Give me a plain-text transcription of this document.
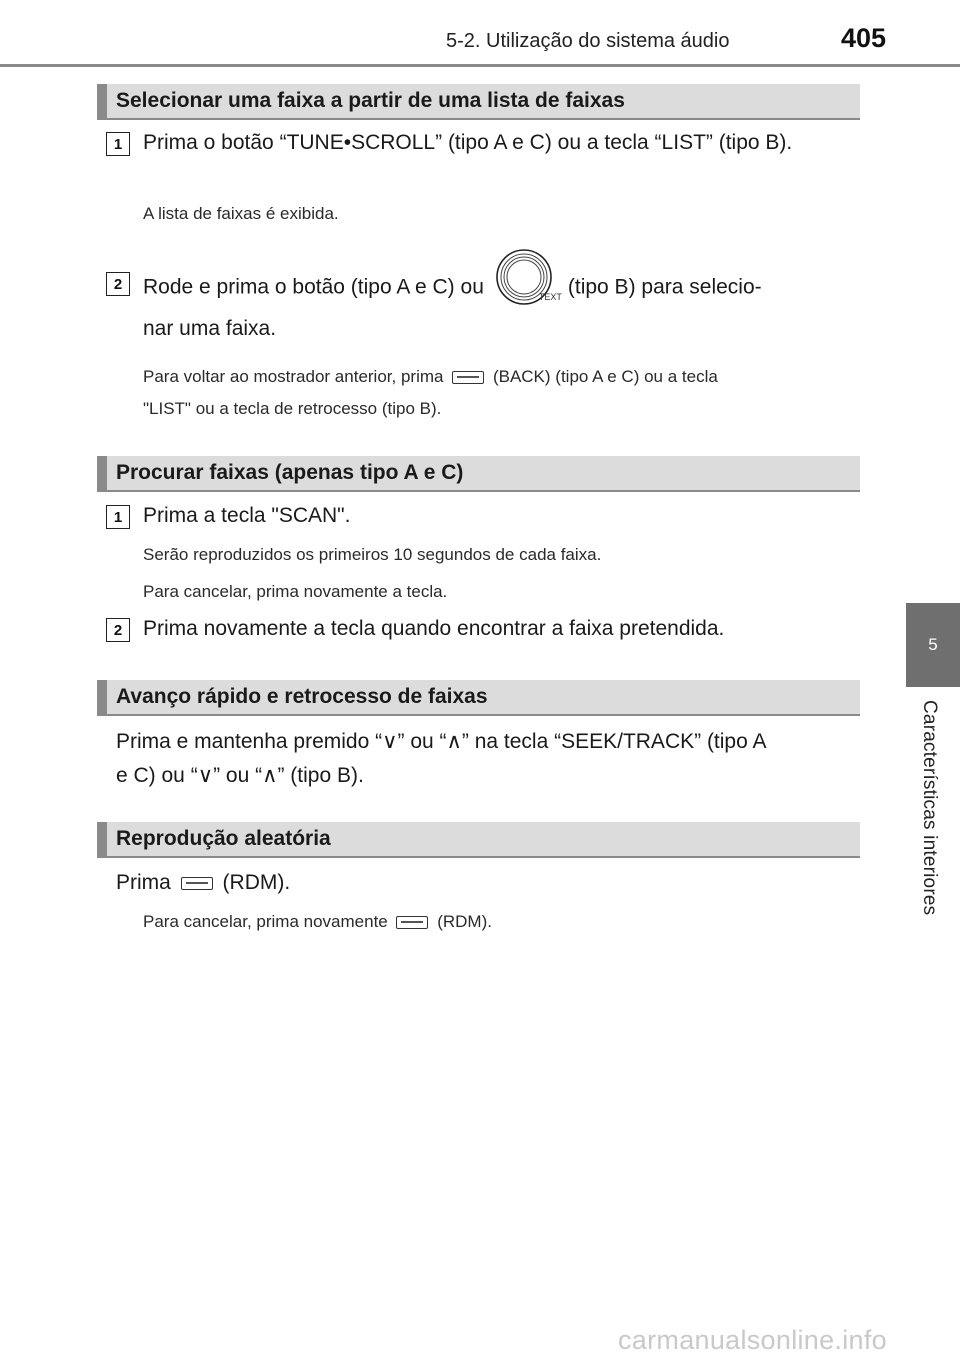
5-2. Utilização do sistema áudio	405
5
Características interiores
Selecionar uma faixa a partir de uma lista de faixas
1 Prima o botão “TUNE•SCROLL” (tipo A e C) ou a tecla “LIST” (tipo B).
A lista de faixas é exibida.
2 Rode e prima o botão (tipo A e C) ou	TEXT (tipo B) para selecio-
nar uma faixa.
Para voltar ao mostrador anterior, prima	(BACK) (tipo A e C) ou a tecla
"LIST" ou a tecla de retrocesso (tipo B).
Procurar faixas (apenas tipo A e C)
1 Prima a tecla "SCAN".
Serão reproduzidos os primeiros 10 segundos de cada faixa.
Para cancelar, prima novamente a tecla.
2 Prima novamente a tecla quando encontrar a faixa pretendida.
Avanço rápido e retrocesso de faixas
Prima e mantenha premido “∨” ou “∧” na tecla “SEEK/TRACK” (tipo A
e C) ou “∨” ou “∧” (tipo B).
Reprodução aleatória
Prima (RDM).
Para cancelar, prima novamente	(RDM).
carmanualsonline.info
